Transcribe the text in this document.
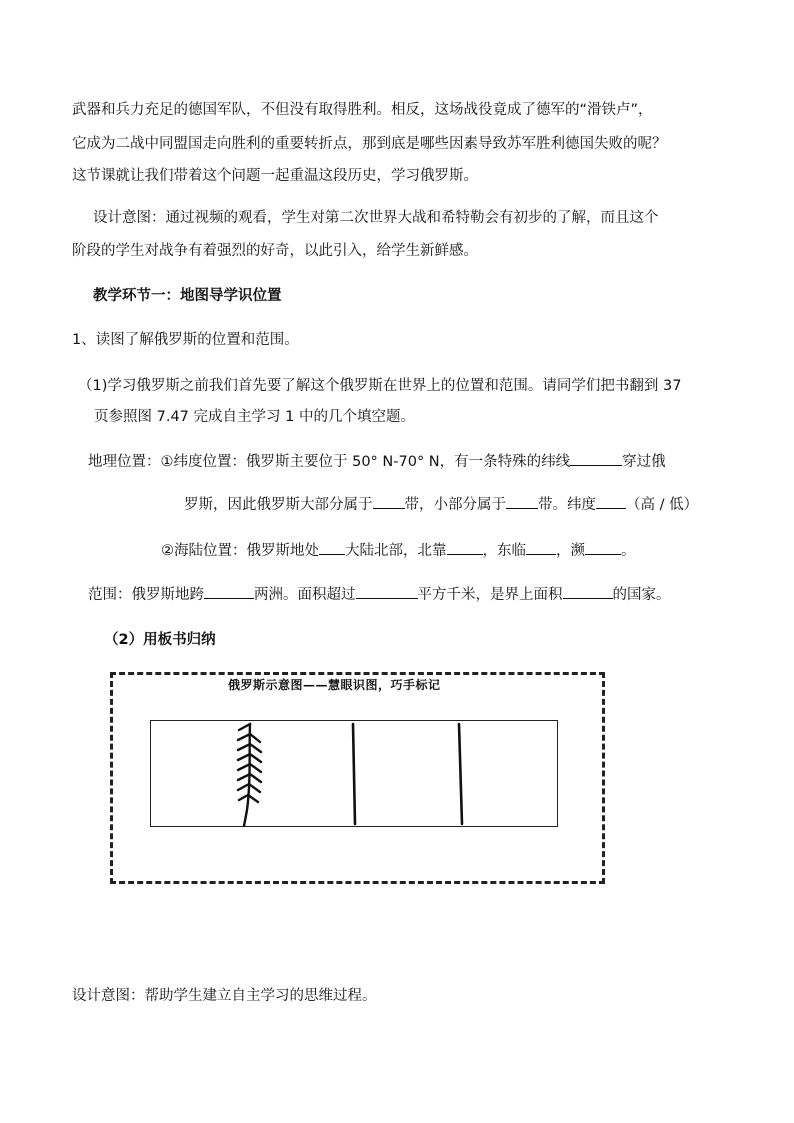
武器和兵力充足的德国军队，不但没有取得胜利。相反，这场战役竟成了德军的“滑铁卢”，
它成为二战中同盟国走向胜利的重要转折点，那到底是哪些因素导致苏军胜利德国失败的呢？
这节课就让我们带着这个问题一起重温这段历史，学习俄罗斯。
设计意图：通过视频的观看，学生对第二次世界大战和希特勒会有初步的了解，而且这个
阶段的学生对战争有着强烈的好奇，以此引入，给学生新鲜感。
教学环节一：地图导学识位置
1、读图了解俄罗斯的位置和范围。
（1)学习俄罗斯之前我们首先要了解这个俄罗斯在世界上的位置和范围。请同学们把书翻到 37
页参照图 7.47 完成自主学习 1 中的几个填空题。
地理位置：①纬度位置：俄罗斯主要位于 50° N-70° N，有一条特殊的纬线	穿过俄
罗斯，因此俄罗斯大部分属于 带，小部分属于 带。纬度 （高 / 低）
②海陆位置：俄罗斯地处 大陆北部，北靠 ，东临 ，濒 。
范围：俄罗斯地跨	两洲。面积超过	平方千米，是界上面积	的国家。
（2）用板书归纳
俄罗斯示意图——慧眼识图，巧手标记
设计意图：帮助学生建立自主学习的思维过程。
